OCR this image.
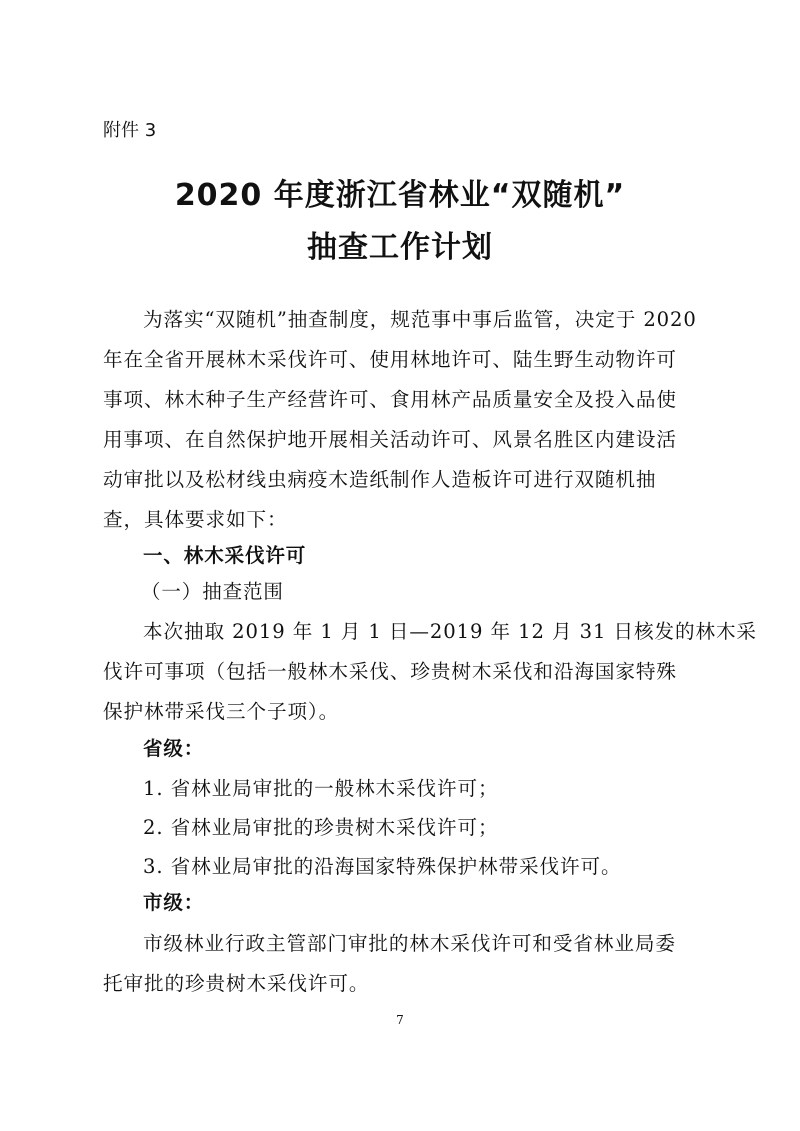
附件 3
2020 年度浙江省林业“双随机”
抽查工作计划
为落实“双随机”抽查制度，规范事中事后监管，决定于 2020
年在全省开展林木采伐许可、使用林地许可、陆生野生动物许可
事项、林木种子生产经营许可、食用林产品质量安全及投入品使
用事项、在自然保护地开展相关活动许可、风景名胜区内建设活
动审批以及松材线虫病疫木造纸制作人造板许可进行双随机抽
查，具体要求如下：
一、林木采伐许可
（一）抽查范围
本次抽取 2019 年 1 月 1 日—2019 年 12 月 31 日核发的林木采
伐许可事项（包括一般林木采伐、珍贵树木采伐和沿海国家特殊
保护林带采伐三个子项）。
省级：
1. 省林业局审批的一般林木采伐许可；
2. 省林业局审批的珍贵树木采伐许可；
3. 省林业局审批的沿海国家特殊保护林带采伐许可。
市级：
市级林业行政主管部门审批的林木采伐许可和受省林业局委
托审批的珍贵树木采伐许可。
7
